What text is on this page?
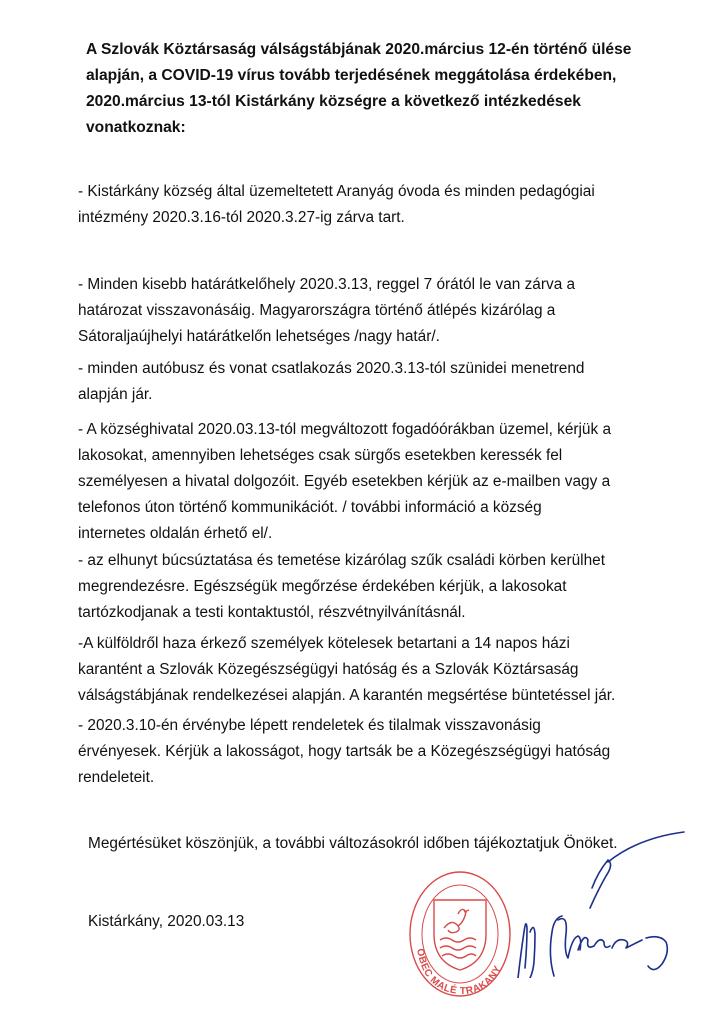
A Szlovák Köztársaság válságstábjának 2020.március 12-én történő ülése
alapján, a COVID-19 vírus tovább terjedésének meggátolása érdekében,
2020.március 13-tól Kistárkány községre a következő intézkedések
vonatkoznak:
- Kistárkány község által üzemeltetett Aranyág óvoda és minden pedagógiai
intézmény 2020.3.16-tól 2020.3.27-ig zárva tart.
- Minden kisebb határátkelőhely 2020.3.13, reggel 7 órától le van zárva a
határozat visszavonásáig. Magyarországra történő átlépés kizárólag a
Sátoraljaújhelyi határátkelőn lehetséges /nagy határ/.
- minden autóbusz és vonat csatlakozás 2020.3.13-tól szünidei menetrend
alapján jár.
- A községhivatal 2020.03.13-tól megváltozott fogadóórákban üzemel, kérjük a
lakosokat, amennyiben lehetséges csak sürgős esetekben keressék fel
személyesen a hivatal dolgozóit. Egyéb esetekben kérjük az e-mailben vagy a
telefonos úton történő kommunikációt. / további információ a község
internetes oldalán érhető el/.
- az elhunyt búcsúztatása és temetése kizárólag szűk családi körben kerülhet
megrendezésre. Egészségük megőrzése érdekében kérjük, a lakosokat
tartózkodjanak a testi kontaktustól, részvétnyilvánításnál.
-A külföldről haza érkező személyek kötelesek betartani a 14 napos házi
karantént a Szlovák Közegészségügyi hatóság és a Szlovák Köztársaság
válságstábjának rendelkezései alapján. A karantén megsértése büntetéssel jár.
- 2020.3.10-én érvénybe lépett rendeletek és tilalmak visszavonásig
érvényesek. Kérjük a lakosságot, hogy tartsák be a Közegészségügyi hatóság
rendeleteit.
Megértésüket köszönjük, a további változásokról időben tájékoztatjuk Önöket.
Kistárkány, 2020.03.13
OBEC MALÉ TRAKANY
